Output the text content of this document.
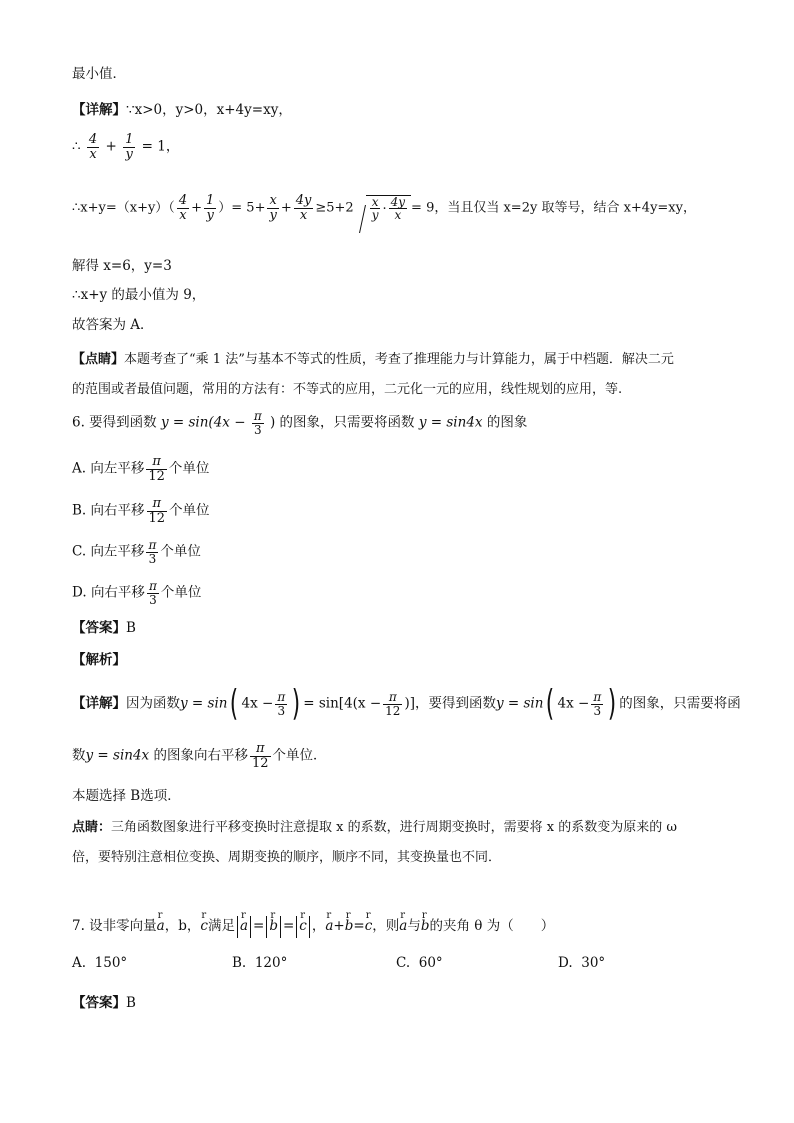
最小值．
【详解】∵x>0，y>0，x+4y=xy，
∴ $\frac{4}{x} + \frac{1}{y} = 1$，
∴x+y=（x+y）（ $\frac{4}{x} + \frac{1}{y}$ ）= $5+ \frac{x}{y} + \frac{4y}{x} \ge 5+2 \frac{x}{y} \cdot \frac{4y}{x} = 9$，当且仅当 x=2y 取等号，结合 x+4y=xy，
解得 x=6，y=3
∴x+y 的最小值为 9，
故答案为 A．
【点睛】本题考查了“乘 1 法”与基本不等式的性质，考查了推理能力与计算能力，属于中档题．解决二元
的范围或者最值问题，常用的方法有：不等式的应用，二元化一元的应用，线性规划的应用，等.
6. 要得到函数 $y = \sin(4x - \frac{\pi}{3}$ ) 的图象，只需要将函数 y = sin4x 的图象
A. 向左平移 $\frac{\pi}{12}$ 个单位
B. 向右平移 $\frac{\pi}{12}$ 个单位
C. 向左平移 $\frac{\pi}{3}$ 个单位
D. 向右平移 $\frac{\pi}{3}$ 个单位
【答案】B
【解析】
【详解】因为函数y = sin( $4x - \frac{\pi}{3}$ ) = $\sin[4(x - \frac{\pi}{12}$ )]，要得到函数y = sin( $4x - \frac{\pi}{3}$ ) 的图象，只需要将函
数y = sin4x 的图象向右平移 $\frac{\pi}{12}$ 个单位．
本题选择 B选项．
点睛：三角函数图象进行平移变换时注意提取 x 的系数，进行周期变换时，需要将 x 的系数变为原来的 ω
倍，要特别注意相位变换、周期变换的顺序，顺序不同，其变换量也不同．
7. 设非零向量r a，b，r c满足 r a = r b = r c ，r a+r b=r c，则r a与r b的夹角 θ 为（　　）
A. 150°	B. 120°	C. 60°	D. 30°
【答案】B
